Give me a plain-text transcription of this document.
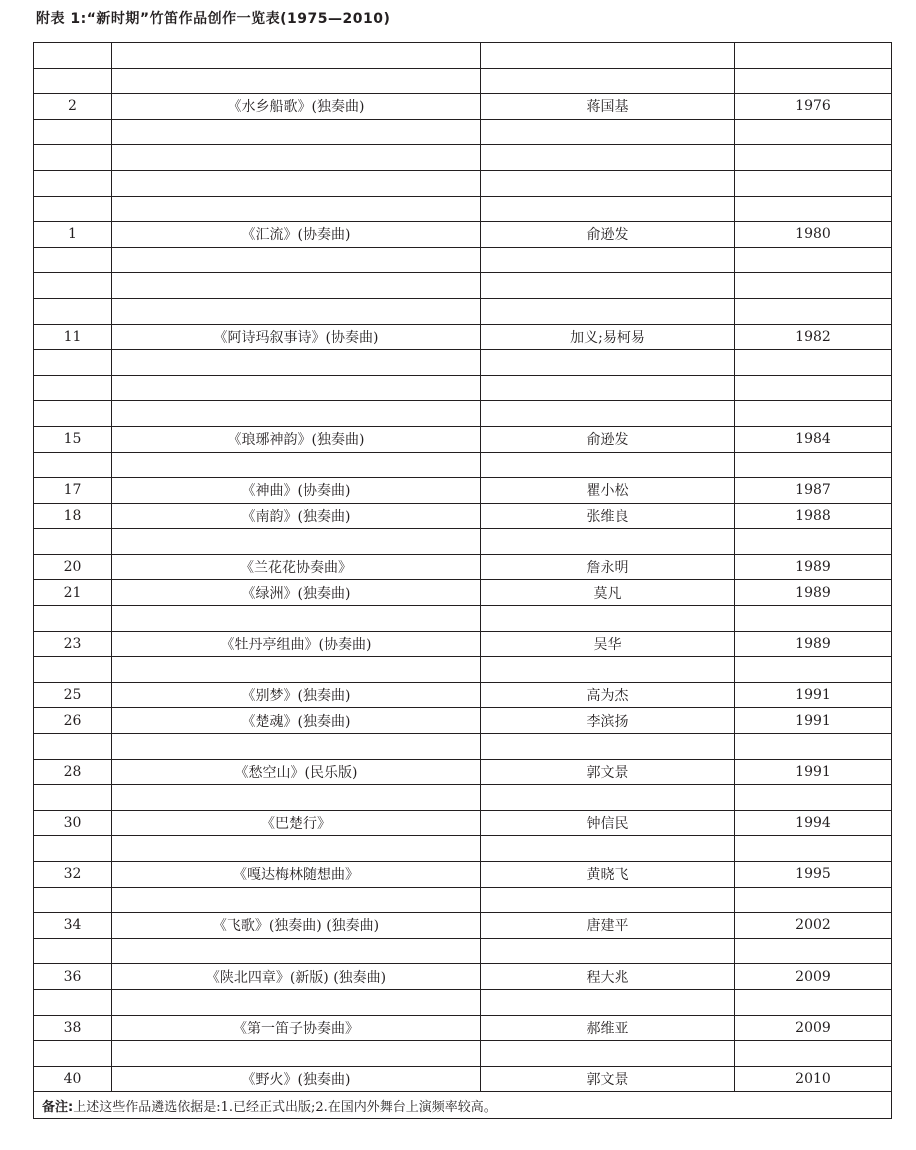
附表 1:“新时期”竹笛作品创作一览表(1975—2010)
2	《水乡船歌》(独奏曲)	蒋国基	1976
1	《汇流》(协奏曲)	俞逊发	1980
11	《阿诗玛叙事诗》(协奏曲)	加义;易柯易	1982
15	《琅琊神韵》(独奏曲)	俞逊发	1984
17	《神曲》(协奏曲)	瞿小松	1987
18	《南韵》(独奏曲)	张维良	1988
20	《兰花花协奏曲》	詹永明	1989
21	《绿洲》(独奏曲)	莫凡	1989
23	《牡丹亭组曲》(协奏曲)	吴华	1989
25	《别梦》(独奏曲)	高为杰	1991
26	《楚魂》(独奏曲)	李滨扬	1991
28	《愁空山》(民乐版)	郭文景	1991
30	《巴楚行》	钟信民	1994
32	《嘎达梅林随想曲》	黄晓飞	1995
34	《飞歌》(独奏曲) (独奏曲)	唐建平	2002
36	《陕北四章》(新版) (独奏曲)	程大兆	2009
38	《第一笛子协奏曲》	郝维亚	2009
40	《野火》(独奏曲)	郭文景	2010
备注: 上述这些作品遴选依据是:1.已经正式出版;2.在国内外舞台上演频率较高。
